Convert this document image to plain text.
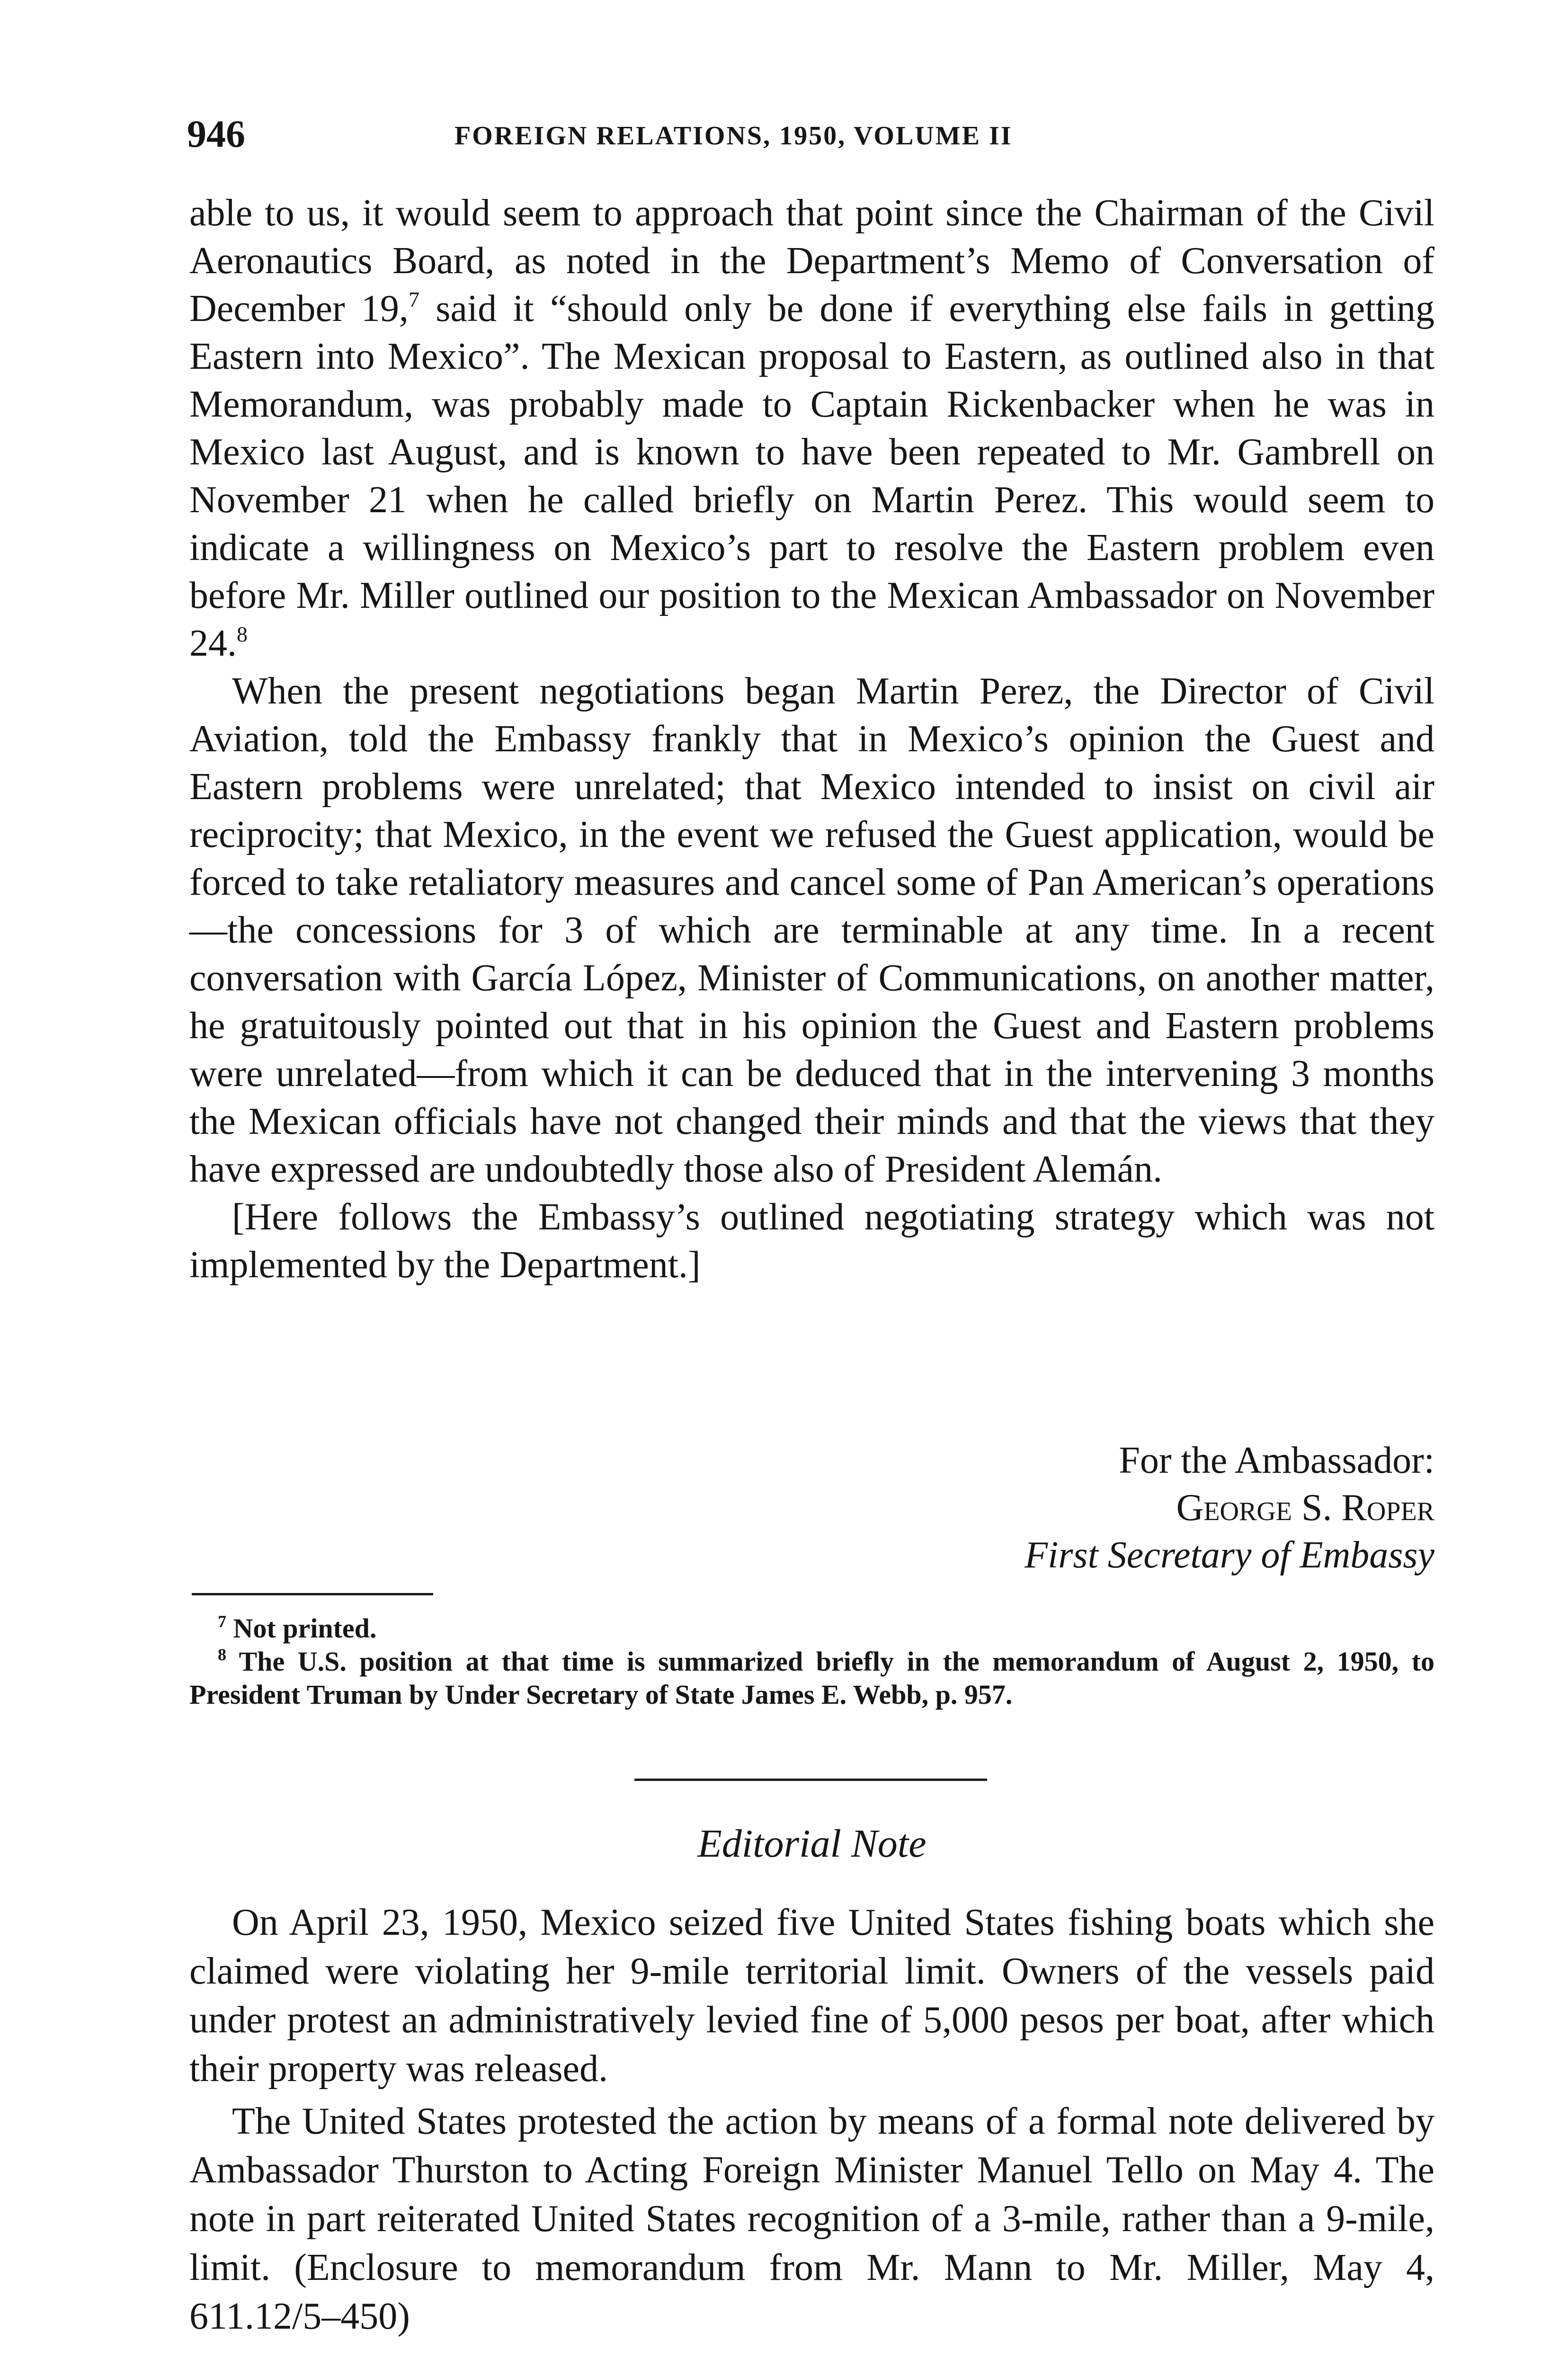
946	FOREIGN RELATIONS, 1950, VOLUME II

able to us, it would seem to approach that point since the Chairman of the Civil Aeronautics Board, as noted in the Department’s Memo of Conversation of December 19,$^7$ said it “should only be done if everything else fails in getting Eastern into Mexico”. The Mexican proposal to Eastern, as outlined also in that Memorandum, was probably made to Captain Rickenbacker when he was in Mexico last August, and is known to have been repeated to Mr. Gambrell on November 21 when he called briefly on Martin Perez. This would seem to indicate a willingness on Mexico’s part to resolve the Eastern problem even before Mr. Miller outlined our position to the Mexican Ambassador on November 24.$^8$

When the present negotiations began Martin Perez, the Director of Civil Aviation, told the Embassy frankly that in Mexico’s opinion the Guest and Eastern problems were unrelated; that Mexico intended to insist on civil air reciprocity; that Mexico, in the event we refused the Guest application, would be forced to take retaliatory measures and cancel some of Pan American’s operations—the concessions for 3 of which are terminable at any time. In a recent conversation with García López, Minister of Communications, on another matter, he gratuitously pointed out that in his opinion the Guest and Eastern problems were unrelated—from which it can be deduced that in the intervening 3 months the Mexican officials have not changed their minds and that the views that they have expressed are undoubtedly those also of President Alemán.

[Here follows the Embassy’s outlined negotiating strategy which was not implemented by the Department.]

For the Ambassador:
George S. Roper
First Secretary of Embassy

$^7$ Not printed.

$^8$ The U.S. position at that time is summarized briefly in the memorandum of August 2, 1950, to President Truman by Under Secretary of State James E. Webb, p. 957.

Editorial Note

On April 23, 1950, Mexico seized five United States fishing boats which she claimed were violating her 9-mile territorial limit. Owners of the vessels paid under protest an administratively levied fine of 5,000 pesos per boat, after which their property was released.

The United States protested the action by means of a formal note delivered by Ambassador Thurston to Acting Foreign Minister Manuel Tello on May 4. The note in part reiterated United States recognition of a 3-mile, rather than a 9-mile, limit. (Enclosure to memorandum from Mr. Mann to Mr. Miller, May 4, 611.12/5–450)
